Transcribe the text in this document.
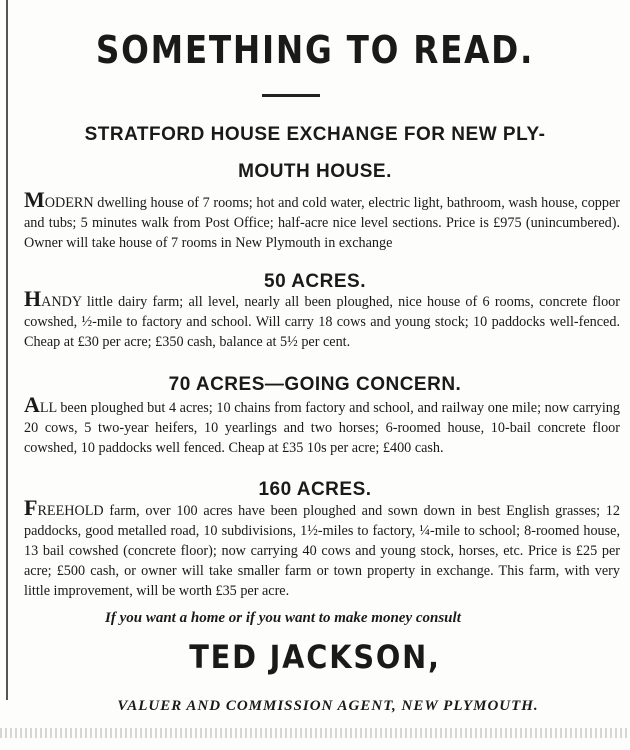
SOMETHING TO READ.
STRATFORD HOUSE EXCHANGE FOR NEW PLY-
MOUTH HOUSE.
MODERN dwelling house of 7 rooms; hot and cold water, electric light, bathroom, wash house, copper and tubs; 5 minutes walk from Post Office; half-acre nice level sections. Price is £975 (unincumbered). Owner will take house of 7 rooms in New Plymouth in exchange
50 ACRES.
HANDY little dairy farm; all level, nearly all been ploughed, nice house of 6 rooms, concrete floor cowshed, ½-mile to factory and school. Will carry 18 cows and young stock; 10 paddocks well-fenced. Cheap at £30 per acre; £350 cash, balance at 5½ per cent.
70 ACRES—GOING CONCERN.
ALL been ploughed but 4 acres; 10 chains from factory and school, and railway one mile; now carrying 20 cows, 5 two-year heifers, 10 yearlings and two horses; 6-roomed house, 10-bail concrete floor cowshed, 10 paddocks well fenced. Cheap at £35 10s per acre; £400 cash.
160 ACRES.
FREEHOLD farm, over 100 acres have been ploughed and sown down in best English grasses; 12 paddocks, good metalled road, 10 subdivisions, 1½-miles to factory, ¼-mile to school; 8-roomed house, 13 bail cowshed (concrete floor); now carrying 40 cows and young stock, horses, etc. Price is £25 per acre; £500 cash, or owner will take smaller farm or town property in exchange. This farm, with very little improvement, will be worth £35 per acre.
If you want a home or if you want to make money consult
TED JACKSON,
VALUER AND COMMISSION AGENT, NEW PLYMOUTH.
